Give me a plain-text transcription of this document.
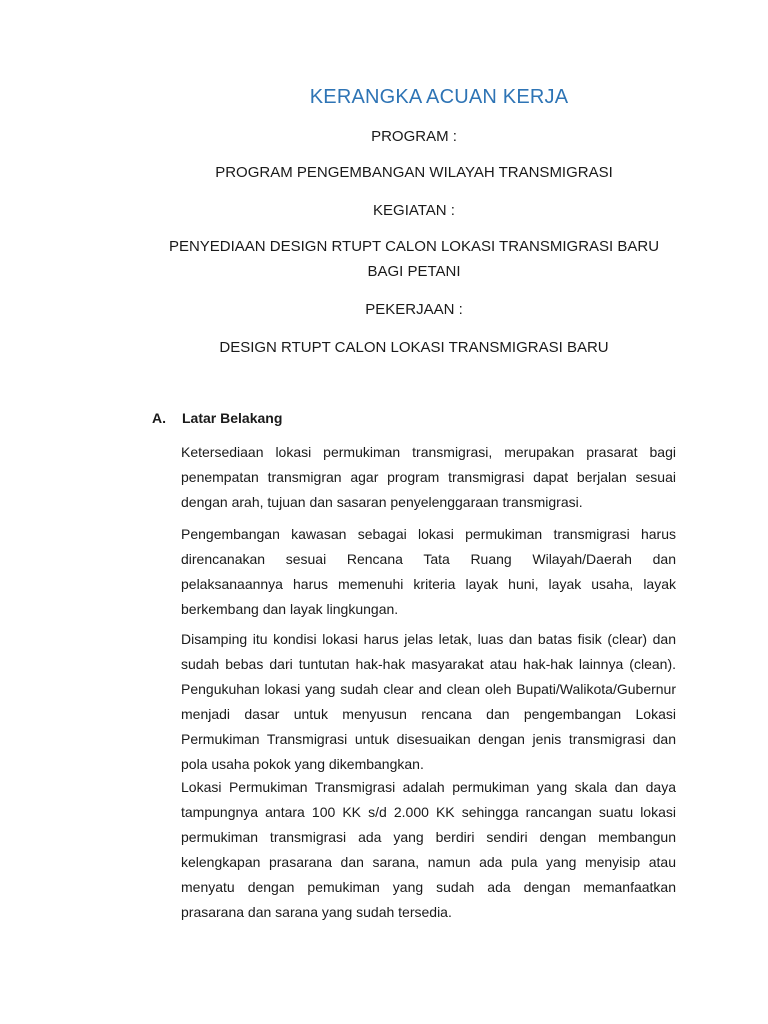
KERANGKA ACUAN KERJA
PROGRAM :
PROGRAM PENGEMBANGAN WILAYAH TRANSMIGRASI
KEGIATAN :
PENYEDIAAN DESIGN RTUPT CALON LOKASI TRANSMIGRASI BARU
BAGI PETANI
PEKERJAAN :
DESIGN RTUPT CALON LOKASI TRANSMIGRASI BARU
A. Latar Belakang

Ketersediaan lokasi permukiman transmigrasi, merupakan prasarat bagi penempatan transmigran agar program transmigrasi dapat berjalan sesuai dengan arah, tujuan dan sasaran penyelenggaraan transmigrasi.

Pengembangan kawasan sebagai lokasi permukiman transmigrasi harus direncanakan sesuai Rencana Tata Ruang Wilayah/Daerah dan pelaksanaannya harus memenuhi kriteria layak huni, layak usaha, layak berkembang dan layak lingkungan.

Disamping itu kondisi lokasi harus jelas letak, luas dan batas fisik (clear) dan sudah bebas dari tuntutan hak-hak masyarakat atau hak-hak lainnya (clean). Pengukuhan lokasi yang sudah clear and clean oleh Bupati/Walikota/Gubernur menjadi dasar untuk menyusun rencana dan pengembangan Lokasi Permukiman Transmigrasi untuk disesuaikan dengan jenis transmigrasi dan pola usaha pokok yang dikembangkan.

Lokasi Permukiman Transmigrasi adalah permukiman yang skala dan daya tampungnya antara 100 KK s/d 2.000 KK sehingga rancangan suatu lokasi permukiman transmigrasi ada yang berdiri sendiri dengan membangun kelengkapan prasarana dan sarana, namun ada pula yang menyisip atau menyatu dengan pemukiman yang sudah ada dengan memanfaatkan prasarana dan sarana yang sudah tersedia.
